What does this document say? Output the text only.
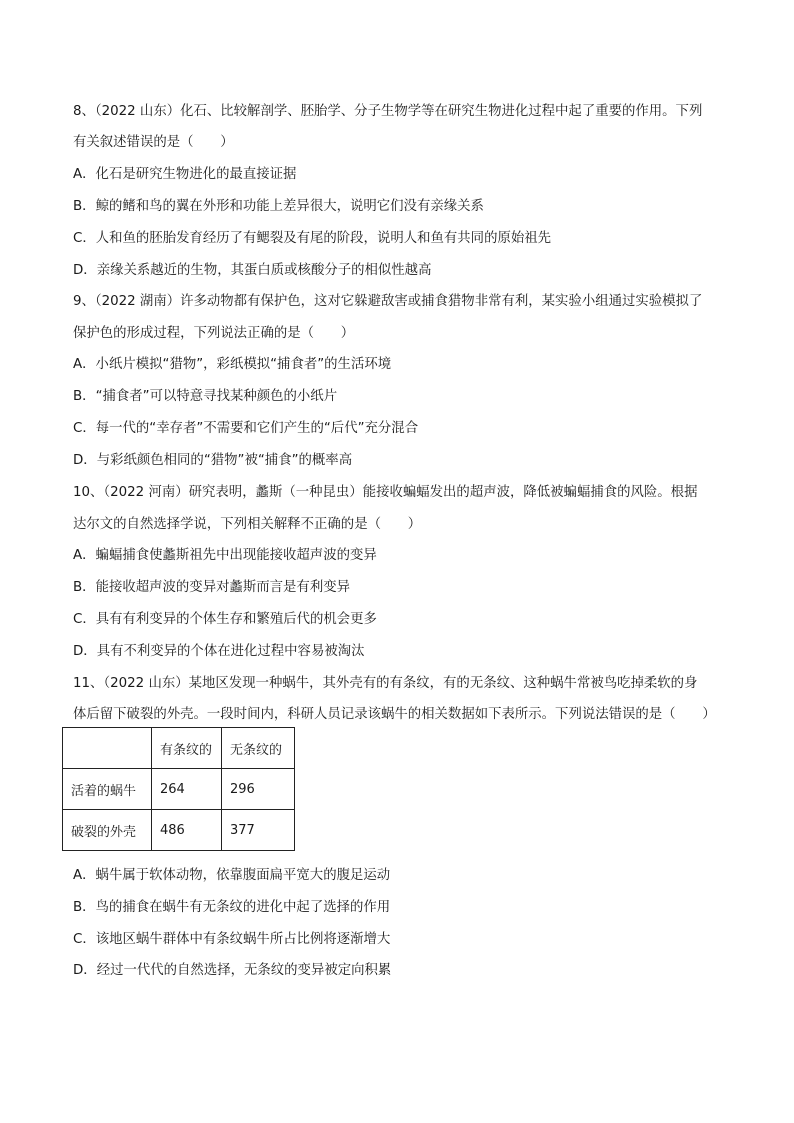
8、（2022 山东）化石、比较解剖学、胚胎学、分子生物学等在研究生物进化过程中起了重要的作用。下列
有关叙述错误的是（　　）
A．化石是研究生物进化的最直接证据
B．鲸的鳍和鸟的翼在外形和功能上差异很大，说明它们没有亲缘关系
C．人和鱼的胚胎发育经历了有鳃裂及有尾的阶段，说明人和鱼有共同的原始祖先
D．亲缘关系越近的生物，其蛋白质或核酸分子的相似性越高
9、（2022 湖南）许多动物都有保护色，这对它躲避敌害或捕食猎物非常有利，某实验小组通过实验模拟了
保护色的形成过程，下列说法正确的是（　　）
A．小纸片模拟“猎物”，彩纸模拟“捕食者”的生活环境
B．“捕食者”可以特意寻找某种颜色的小纸片
C．每一代的“幸存者”不需要和它们产生的“后代”充分混合
D．与彩纸颜色相同的“猎物”被“捕食”的概率高
10、（2022 河南）研究表明，蠡斯（一种昆虫）能接收蝙蝠发出的超声波，降低被蝙蝠捕食的风险。根据
达尔文的自然选择学说，下列相关解释不正确的是（　　）
A．蝙蝠捕食使蠡斯祖先中出现能接收超声波的变异
B．能接收超声波的变异对蠡斯而言是有利变异
C．具有有利变异的个体生存和繁殖后代的机会更多
D．具有不利变异的个体在进化过程中容易被淘汰
11、（2022 山东）某地区发现一种蜗牛，其外壳有的有条纹，有的无条纹、这种蜗牛常被鸟吃掉柔软的身
体后留下破裂的外壳。一段时间内，科研人员记录该蜗牛的相关数据如下表所示。下列说法错误的是（　　）
	有条纹的	无条纹的
活着的蜗牛	264	296
破裂的外壳	486	377
A．蜗牛属于软体动物，依靠腹面扁平宽大的腹足运动
B．鸟的捕食在蜗牛有无条纹的进化中起了选择的作用
C．该地区蜗牛群体中有条纹蜗牛所占比例将逐渐增大
D．经过一代代的自然选择，无条纹的变异被定向积累
